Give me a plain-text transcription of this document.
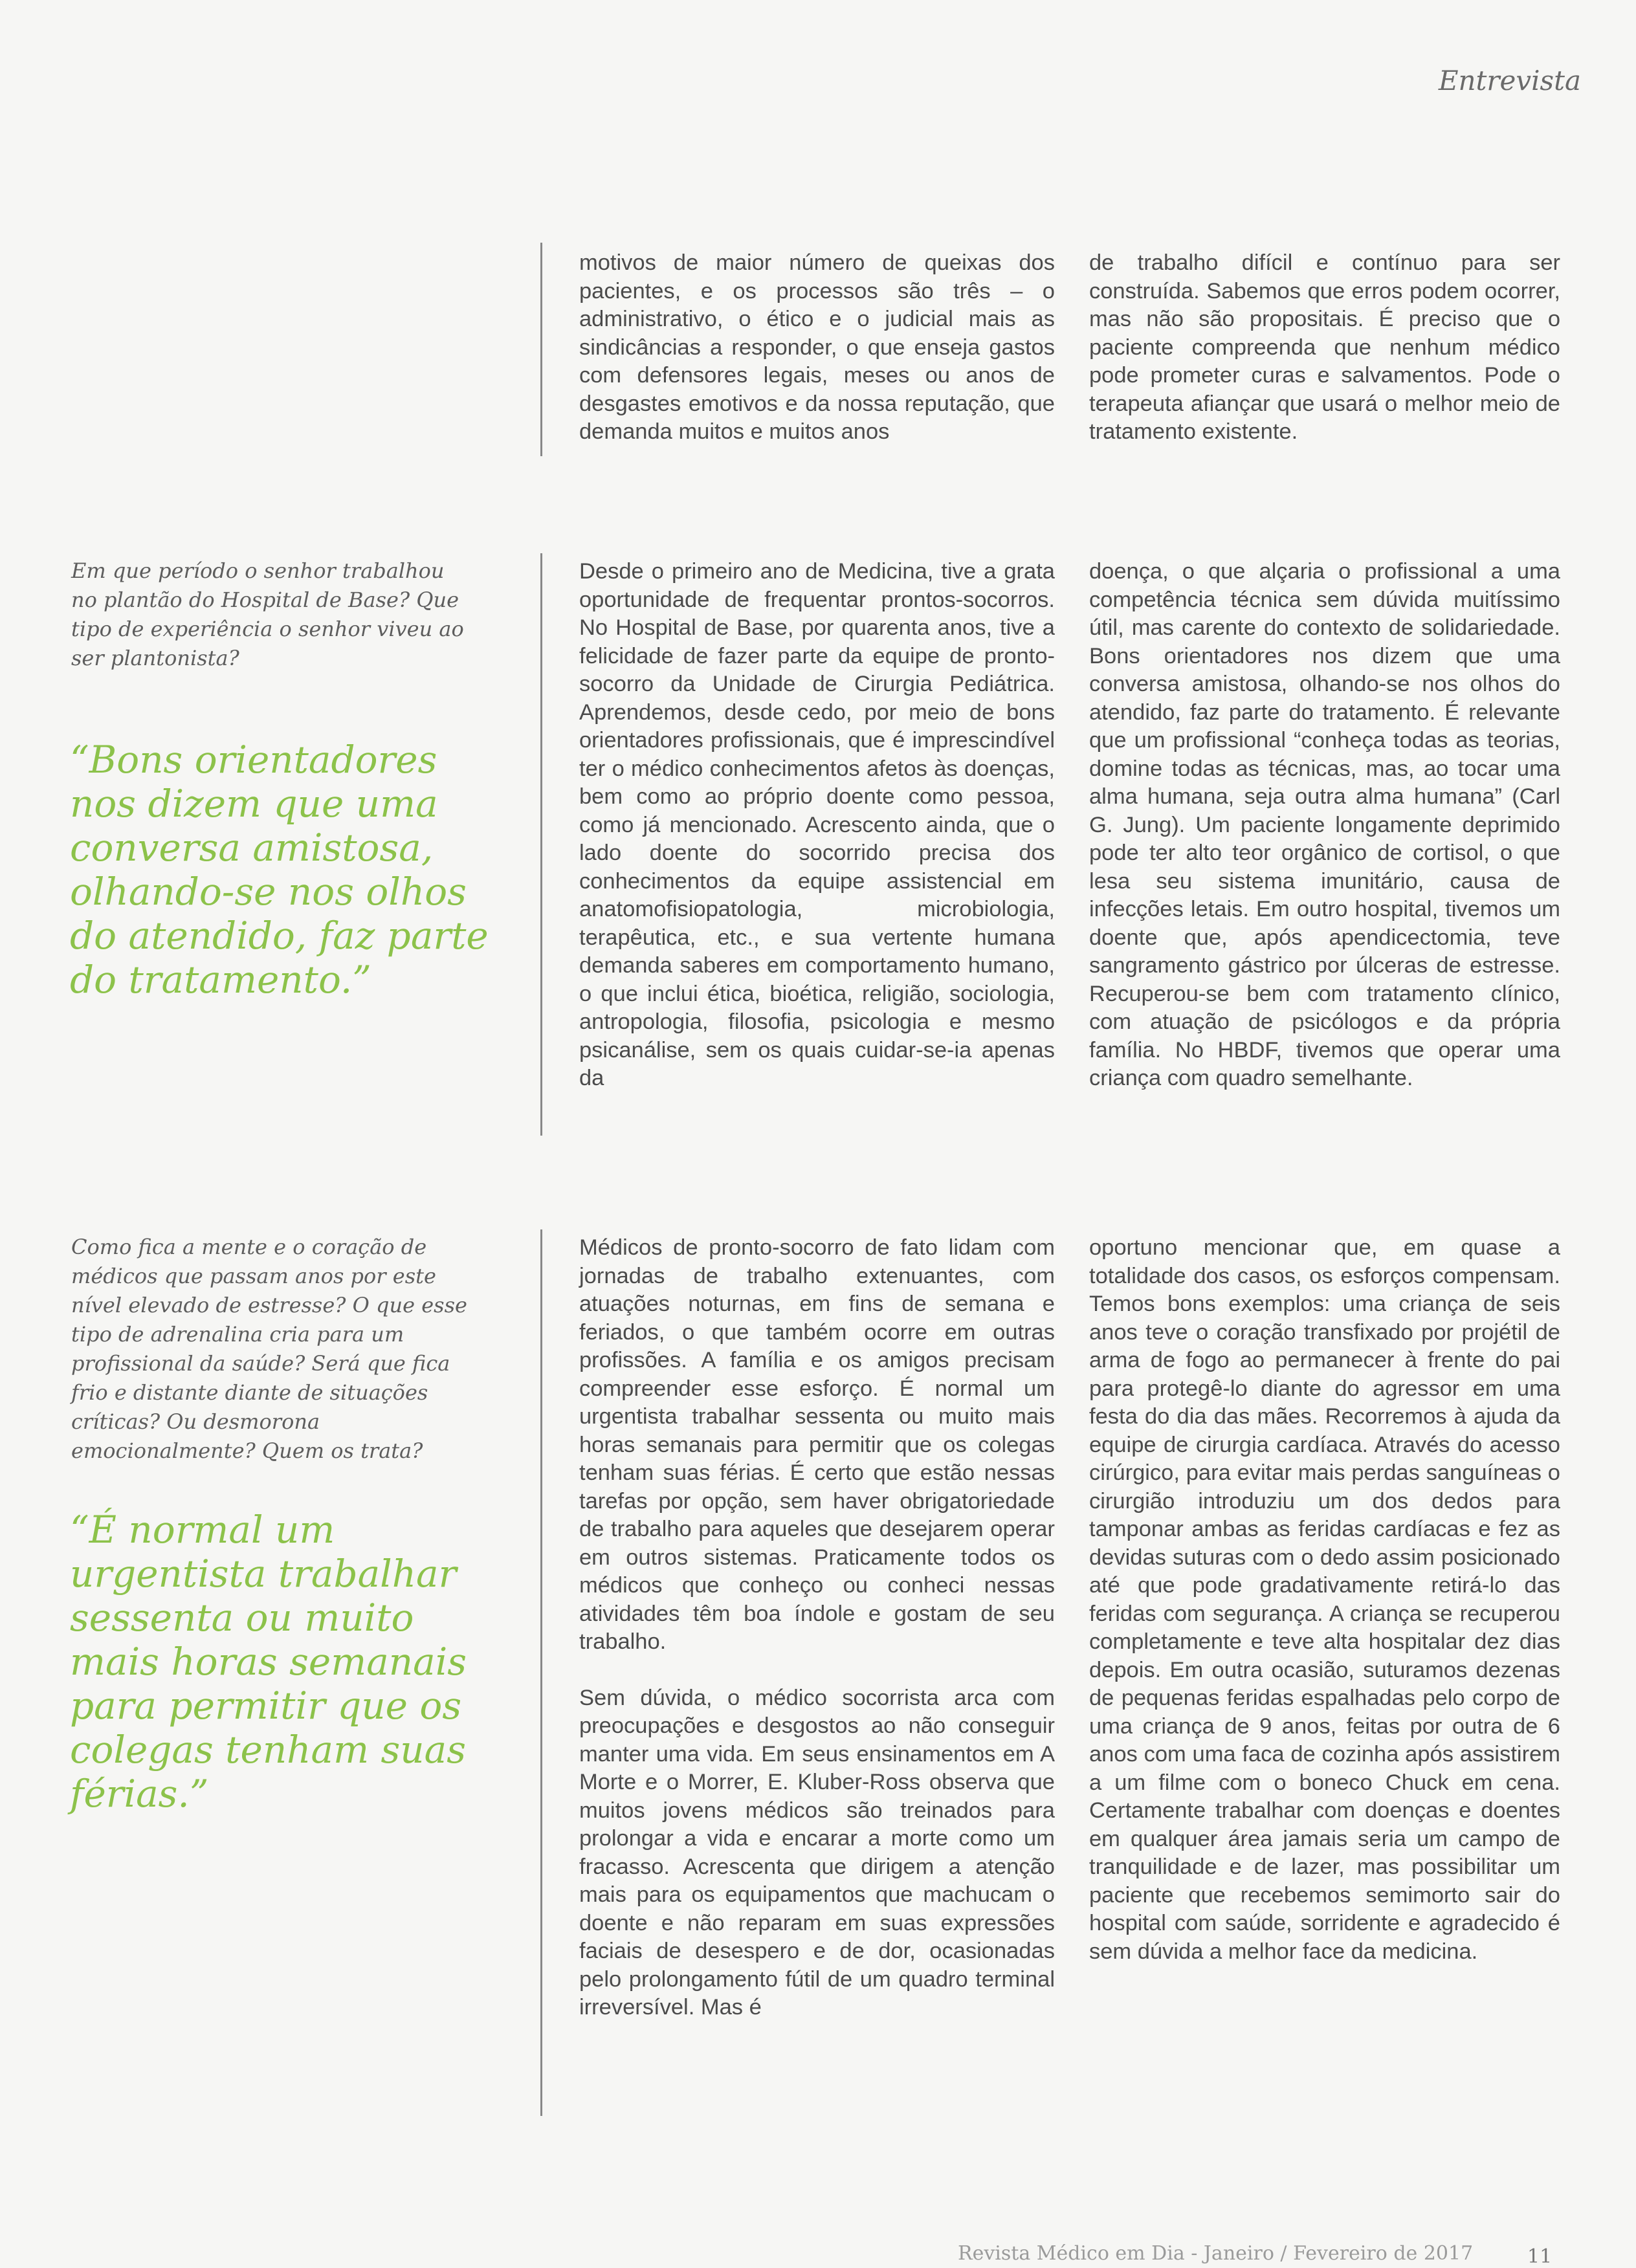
Entrevista

motivos de maior número de queixas dos pacientes, e os processos são três – o administrativo, o ético e o judicial mais as sindicâncias a responder, o que enseja gastos com defensores legais, meses ou anos de desgastes emotivos e da nossa reputação, que demanda muitos e muitos anos

de trabalho difícil e contínuo para ser construída. Sabemos que erros podem ocorrer, mas não são propositais. É preciso que o paciente compreenda que nenhum médico pode prometer curas e salvamentos. Pode o terapeuta afiançar que usará o melhor meio de tratamento existente.

Em que período o senhor trabalhou no plantão do Hospital de Base? Que tipo de experiência o senhor viveu ao ser plantonista?

“Bons orientadores nos dizem que uma conversa amistosa, olhando-se nos olhos do atendido, faz parte do tratamento.”

Desde o primeiro ano de Medicina, tive a grata oportunidade de frequentar prontos-socorros. No Hospital de Base, por quarenta anos, tive a felicidade de fazer parte da equipe de pronto-socorro da Unidade de Cirurgia Pediátrica. Aprendemos, desde cedo, por meio de bons orientadores profissionais, que é imprescindível ter o médico conhecimentos afetos às doenças, bem como ao próprio doente como pessoa, como já mencionado. Acrescento ainda, que o lado doente do socorrido precisa dos conhecimentos da equipe assistencial em anatomofisiopatologia, microbiologia, terapêutica, etc., e sua vertente humana demanda saberes em comportamento humano, o que inclui ética, bioética, religião, sociologia, antropologia, filosofia, psicologia e mesmo psicanálise, sem os quais cuidar-se-ia apenas da

doença, o que alçaria o profissional a uma competência técnica sem dúvida muitíssimo útil, mas carente do contexto de solidariedade. Bons orientadores nos dizem que uma conversa amistosa, olhando-se nos olhos do atendido, faz parte do tratamento. É relevante que um profissional “conheça todas as teorias, domine todas as técnicas, mas, ao tocar uma alma humana, seja outra alma humana” (Carl G. Jung). Um paciente longamente deprimido pode ter alto teor orgânico de cortisol, o que lesa seu sistema imunitário, causa de infecções letais. Em outro hospital, tivemos um doente que, após apendicectomia, teve sangramento gástrico por úlceras de estresse. Recuperou-se bem com tratamento clínico, com atuação de psicólogos e da própria família. No HBDF, tivemos que operar uma criança com quadro semelhante.

Como fica a mente e o coração de médicos que passam anos por este nível elevado de estresse? O que esse tipo de adrenalina cria para um profissional da saúde? Será que fica frio e distante diante de situações críticas? Ou desmorona emocionalmente? Quem os trata?

“É normal um urgentista trabalhar sessenta ou muito mais horas semanais para permitir que os colegas tenham suas férias.”

Médicos de pronto-socorro de fato lidam com jornadas de trabalho extenuantes, com atuações noturnas, em fins de semana e feriados, o que também ocorre em outras profissões. A família e os amigos precisam compreender esse esforço. É normal um urgentista trabalhar sessenta ou muito mais horas semanais para permitir que os colegas tenham suas férias. É certo que estão nessas tarefas por opção, sem haver obrigatoriedade de trabalho para aqueles que desejarem operar em outros sistemas. Praticamente todos os médicos que conheço ou conheci nessas atividades têm boa índole e gostam de seu trabalho.

Sem dúvida, o médico socorrista arca com preocupações e desgostos ao não conseguir manter uma vida. Em seus ensinamentos em A Morte e o Morrer, E. Kluber-Ross observa que muitos jovens médicos são treinados para prolongar a vida e encarar a morte como um fracasso. Acrescenta que dirigem a atenção mais para os equipamentos que machucam o doente e não reparam em suas expressões faciais de desespero e de dor, ocasionadas pelo prolongamento fútil de um quadro terminal irreversível. Mas é

oportuno mencionar que, em quase a totalidade dos casos, os esforços compensam. Temos bons exemplos: uma criança de seis anos teve o coração transfixado por projétil de arma de fogo ao permanecer à frente do pai para protegê-lo diante do agressor em uma festa do dia das mães. Recorremos à ajuda da equipe de cirurgia cardíaca. Através do acesso cirúrgico, para evitar mais perdas sanguíneas o cirurgião introduziu um dos dedos para tamponar ambas as feridas cardíacas e fez as devidas suturas com o dedo assim posicionado até que pode gradativamente retirá-lo das feridas com segurança. A criança se recuperou completamente e teve alta hospitalar dez dias depois. Em outra ocasião, suturamos dezenas de pequenas feridas espalhadas pelo corpo de uma criança de 9 anos, feitas por outra de 6 anos com uma faca de cozinha após assistirem a um filme com o boneco Chuck em cena. Certamente trabalhar com doenças e doentes em qualquer área jamais seria um campo de tranquilidade e de lazer, mas possibilitar um paciente que recebemos semimorto sair do hospital com saúde, sorridente e agradecido é sem dúvida a melhor face da medicina.

Revista Médico em Dia - Janeiro / Fevereiro de 2017	11
